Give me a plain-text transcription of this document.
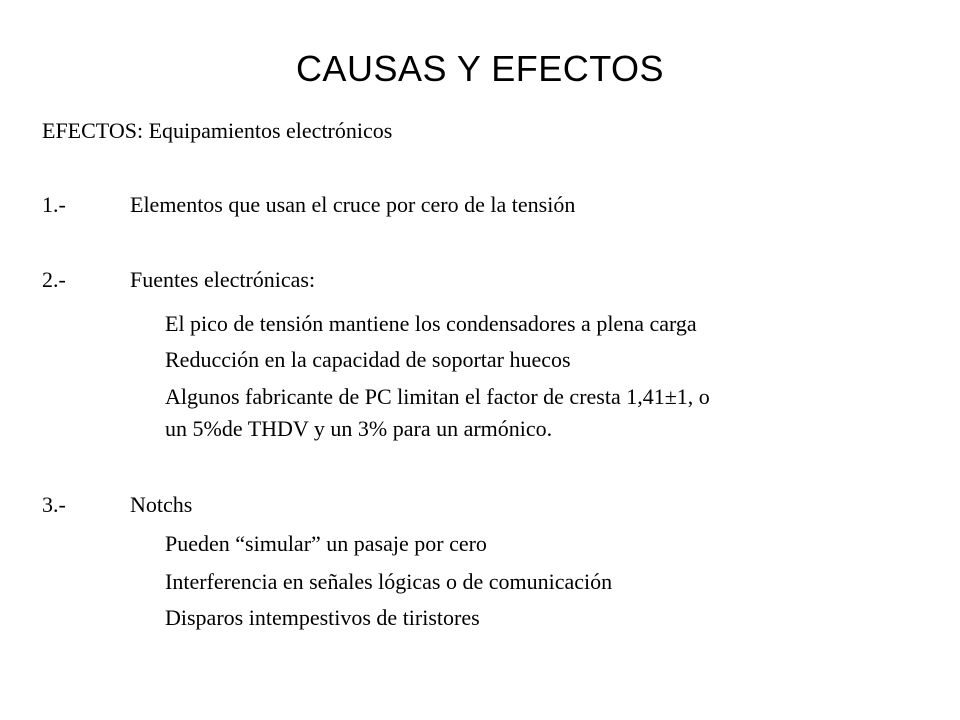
CAUSAS Y EFECTOS
EFECTOS: Equipamientos electrónicos
1.-	Elementos que usan el cruce por cero de la tensión
2.-	Fuentes electrónicas:
El pico de tensión mantiene los condensadores a plena carga
Reducción en la capacidad de soportar huecos
Algunos fabricante de PC limitan el factor de cresta 1,41±1, o
un 5%de THDV y un 3% para un armónico.
3.-	Notchs
Pueden “simular” un pasaje por cero
Interferencia en señales lógicas o de comunicación
Disparos intempestivos de tiristores
